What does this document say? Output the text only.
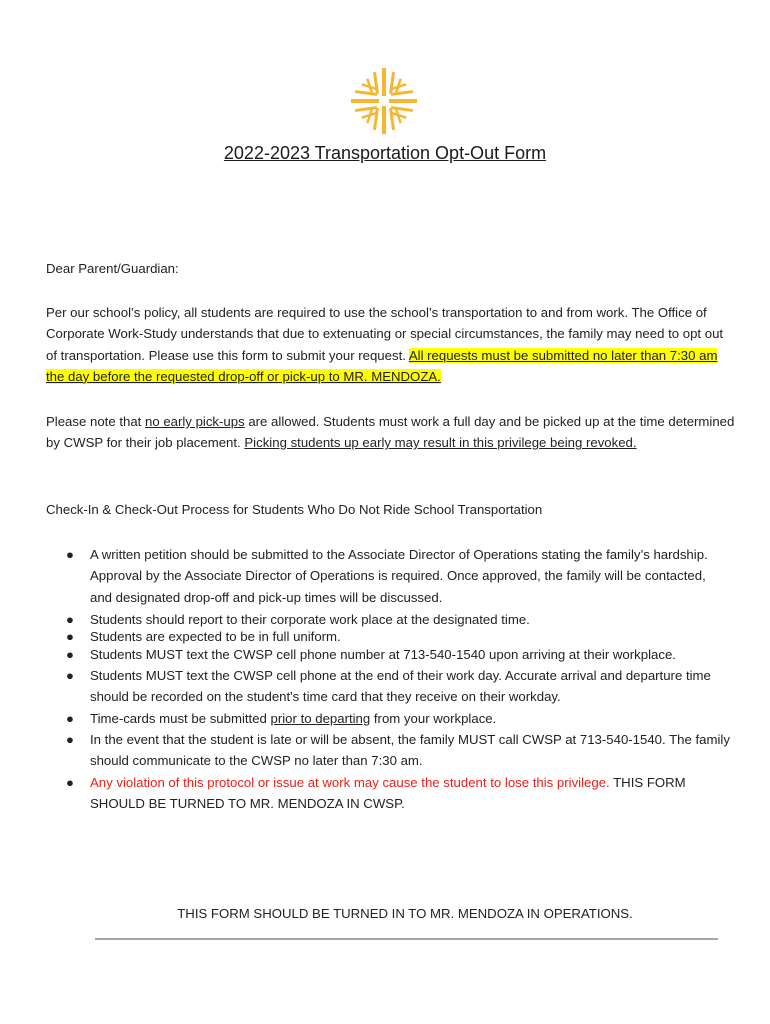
2022-2023 Transportation Opt-Out Form
Dear Parent/Guardian:
Per our school’s policy, all students are required to use the school’s transportation to and from work. The Office of Corporate Work-Study understands that due to extenuating or special circumstances, the family may need to opt out of transportation. Please use this form to submit your request. All requests must be submitted no later than 7:30 am the day before the requested drop-off or pick-up to MR. MENDOZA.
Please note that no early pick-ups are allowed. Students must work a full day and be picked up at the time determined by CWSP for their job placement. Picking students up early may result in this privilege being revoked.
Check-In & Check-Out Process for Students Who Do Not Ride School Transportation
● A written petition should be submitted to the Associate Director of Operations stating the family’s hardship. Approval by the Associate Director of Operations is required. Once approved, the family will be contacted, and designated drop-off and pick-up times will be discussed.
● Students should report to their corporate work place at the designated time.
● Students are expected to be in full uniform.
● Students MUST text the CWSP cell phone number at 713-540-1540 upon arriving at their workplace.
● Students MUST text the CWSP cell phone at the end of their work day. Accurate arrival and departure time should be recorded on the student's time card that they receive on their workday.
● Time-cards must be submitted prior to departing from your workplace.
● In the event that the student is late or will be absent, the family MUST call CWSP at 713-540-1540. The family should communicate to the CWSP no later than 7:30 am.
● Any violation of this protocol or issue at work may cause the student to lose this privilege. THIS FORM SHOULD BE TURNED TO MR. MENDOZA IN CWSP.
THIS FORM SHOULD BE TURNED IN TO MR. MENDOZA IN OPERATIONS.
